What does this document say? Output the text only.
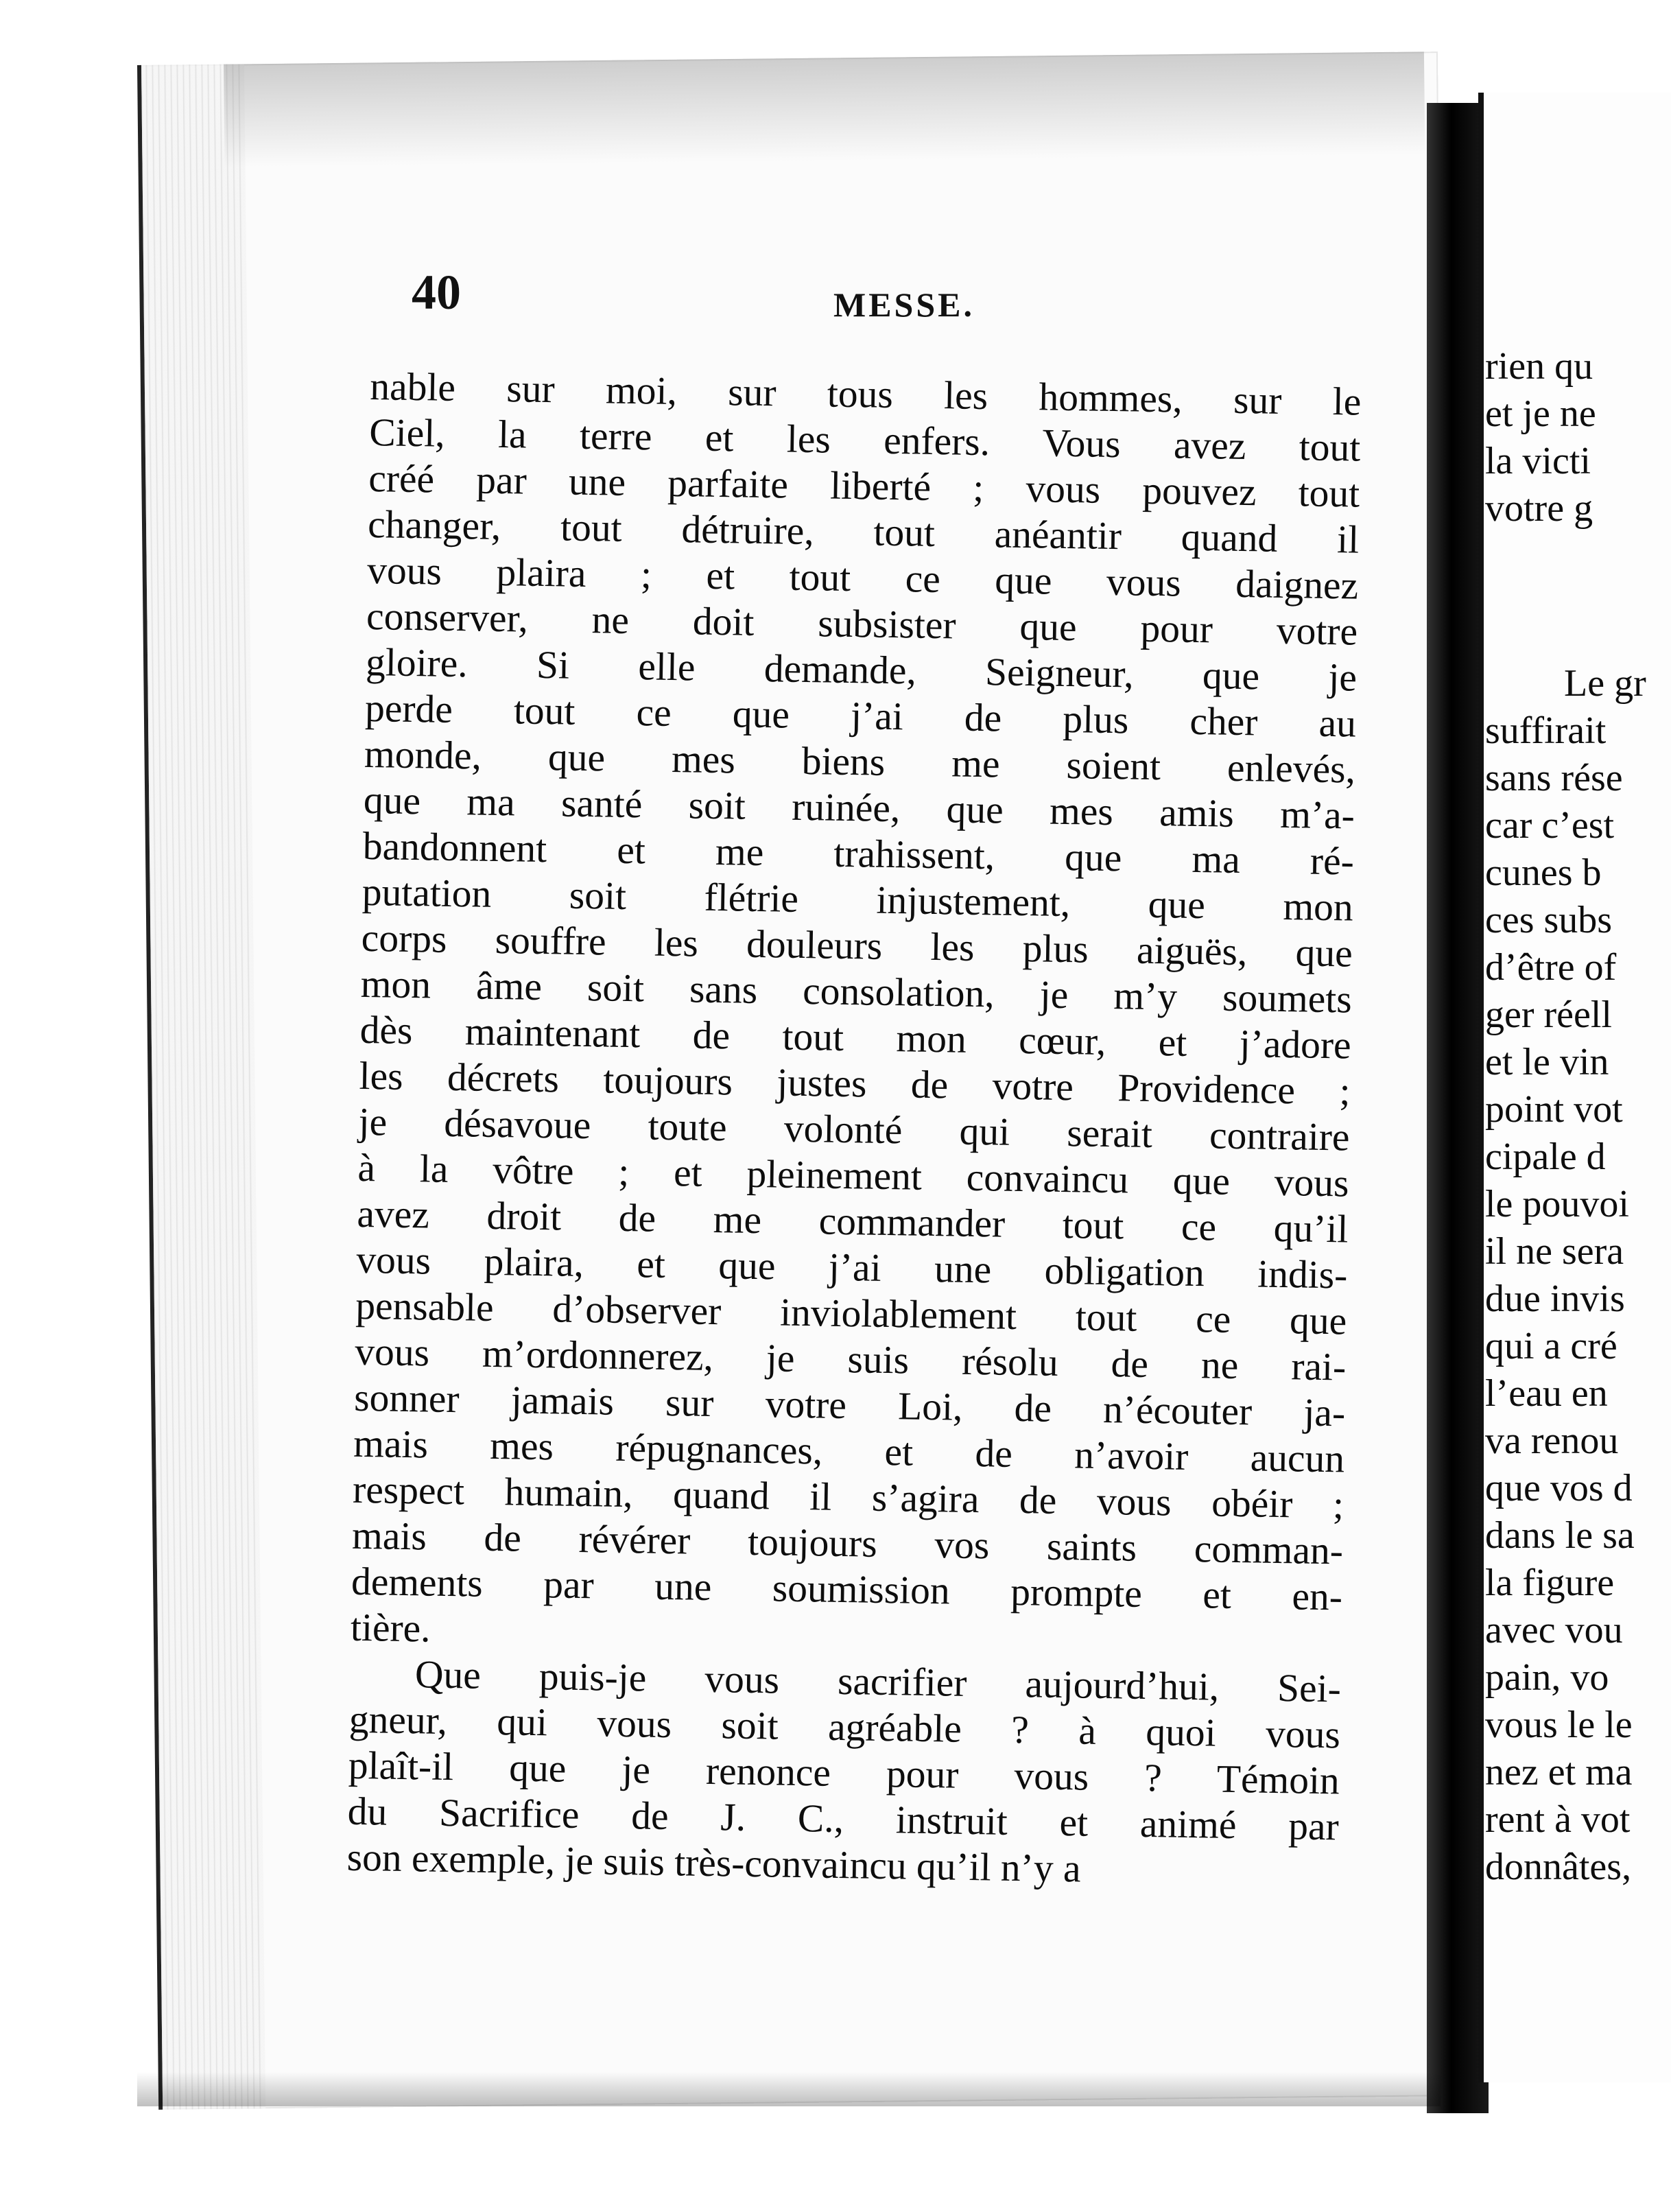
40	MESSE.
nable sur moi, sur tous les hommes, sur le
Ciel, la terre et les enfers. Vous avez tout
créé par une parfaite liberté ; vous pouvez tout
changer, tout détruire, tout anéantir quand il
vous plaira ; et tout ce que vous daignez
conserver, ne doit subsister que pour votre
gloire. Si elle demande, Seigneur, que je
perde tout ce que j’ai de plus cher au
monde, que mes biens me soient enlevés,
que ma santé soit ruinée, que mes amis m’a-
bandonnent et me trahissent, que ma ré-
putation soit flétrie injustement, que mon
corps souffre les douleurs les plus aiguës, que
mon âme soit sans consolation, je m’y soumets
dès maintenant de tout mon cœur, et j’adore
les décrets toujours justes de votre Providence ;
je désavoue toute volonté qui serait contraire
à la vôtre ; et pleinement convaincu que vous
avez droit de me commander tout ce qu’il
vous plaira, et que j’ai une obligation indis-
pensable d’observer inviolablement tout ce que
vous m’ordonnerez, je suis résolu de ne rai-
sonner jamais sur votre Loi, de n’écouter ja-
mais mes répugnances, et de n’avoir aucun
respect humain, quand il s’agira de vous obéir ;
mais de révérer toujours vos saints comman-
dements par une soumission prompte et en-
tière.
Que puis-je vous sacrifier aujourd’hui, Sei-
gneur, qui vous soit agréable ? à quoi vous
plaît-il que je renonce pour vous ? Témoin
du Sacrifice de J. C., instruit et animé par
son exemple, je suis très-convaincu qu’il n’y a
rien qu
et je ne
la victi
votre g
Le gr
suffirait
sans rése
car c’est
cunes b
ces subs
d’être of
ger réell
et le vin
point vot
cipale d
le pouvoi
il ne sera
due invis
qui a cré
l’eau en
va renou
que vos d
dans le sa
la figure
avec vou
pain, vo
vous le le
nez et ma
rent à vot
donnâtes,
